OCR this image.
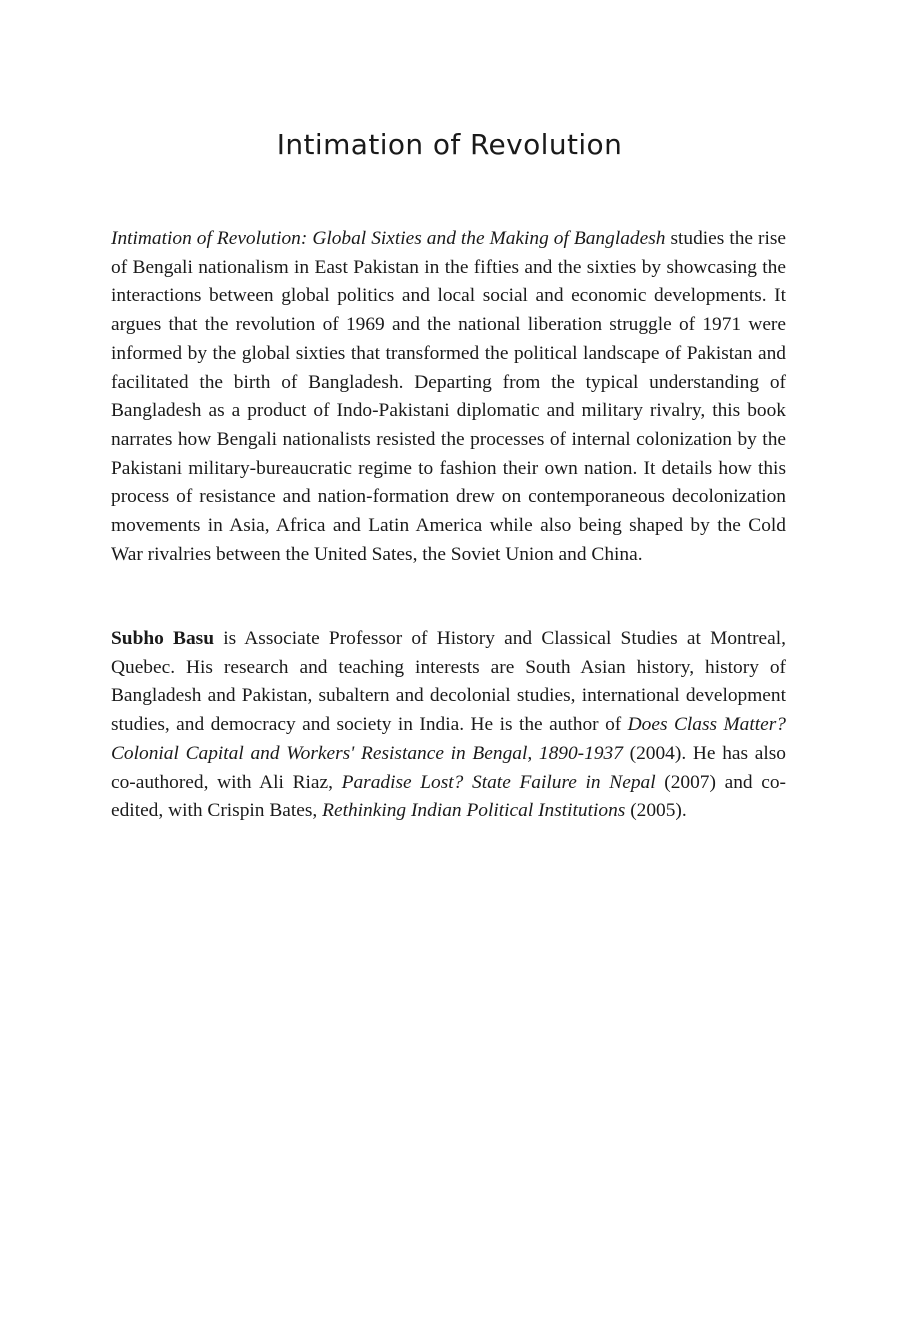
Intimation of Revolution

Intimation of Revolution: Global Sixties and the Making of Bangladesh studies the rise of Bengali nationalism in East Pakistan in the fifties and the sixties by showcasing the interactions between global politics and local social and economic developments. It argues that the revolution of 1969 and the national liberation struggle of 1971 were informed by the global sixties that transformed the political landscape of Pakistan and facilitated the birth of Bangladesh. Departing from the typical understanding of Bangladesh as a product of Indo-Pakistani diplomatic and military rivalry, this book narrates how Bengali nationalists resisted the processes of internal colonization by the Pakistani military-bureaucratic regime to fashion their own nation. It details how this process of resistance and nation-formation drew on contemporaneous decolonization movements in Asia, Africa and Latin America while also being shaped by the Cold War rivalries between the United Sates, the Soviet Union and China.

Subho Basu is Associate Professor of History and Classical Studies at Montreal, Quebec. His research and teaching interests are South Asian history, history of Bangladesh and Pakistan, subaltern and decolonial studies, international development studies, and democracy and society in India. He is the author of Does Class Matter? Colonial Capital and Workers' Resistance in Bengal, 1890-1937 (2004). He has also co-authored, with Ali Riaz, Paradise Lost? State Failure in Nepal (2007) and co-edited, with Crispin Bates, Rethinking Indian Political Institutions (2005).
